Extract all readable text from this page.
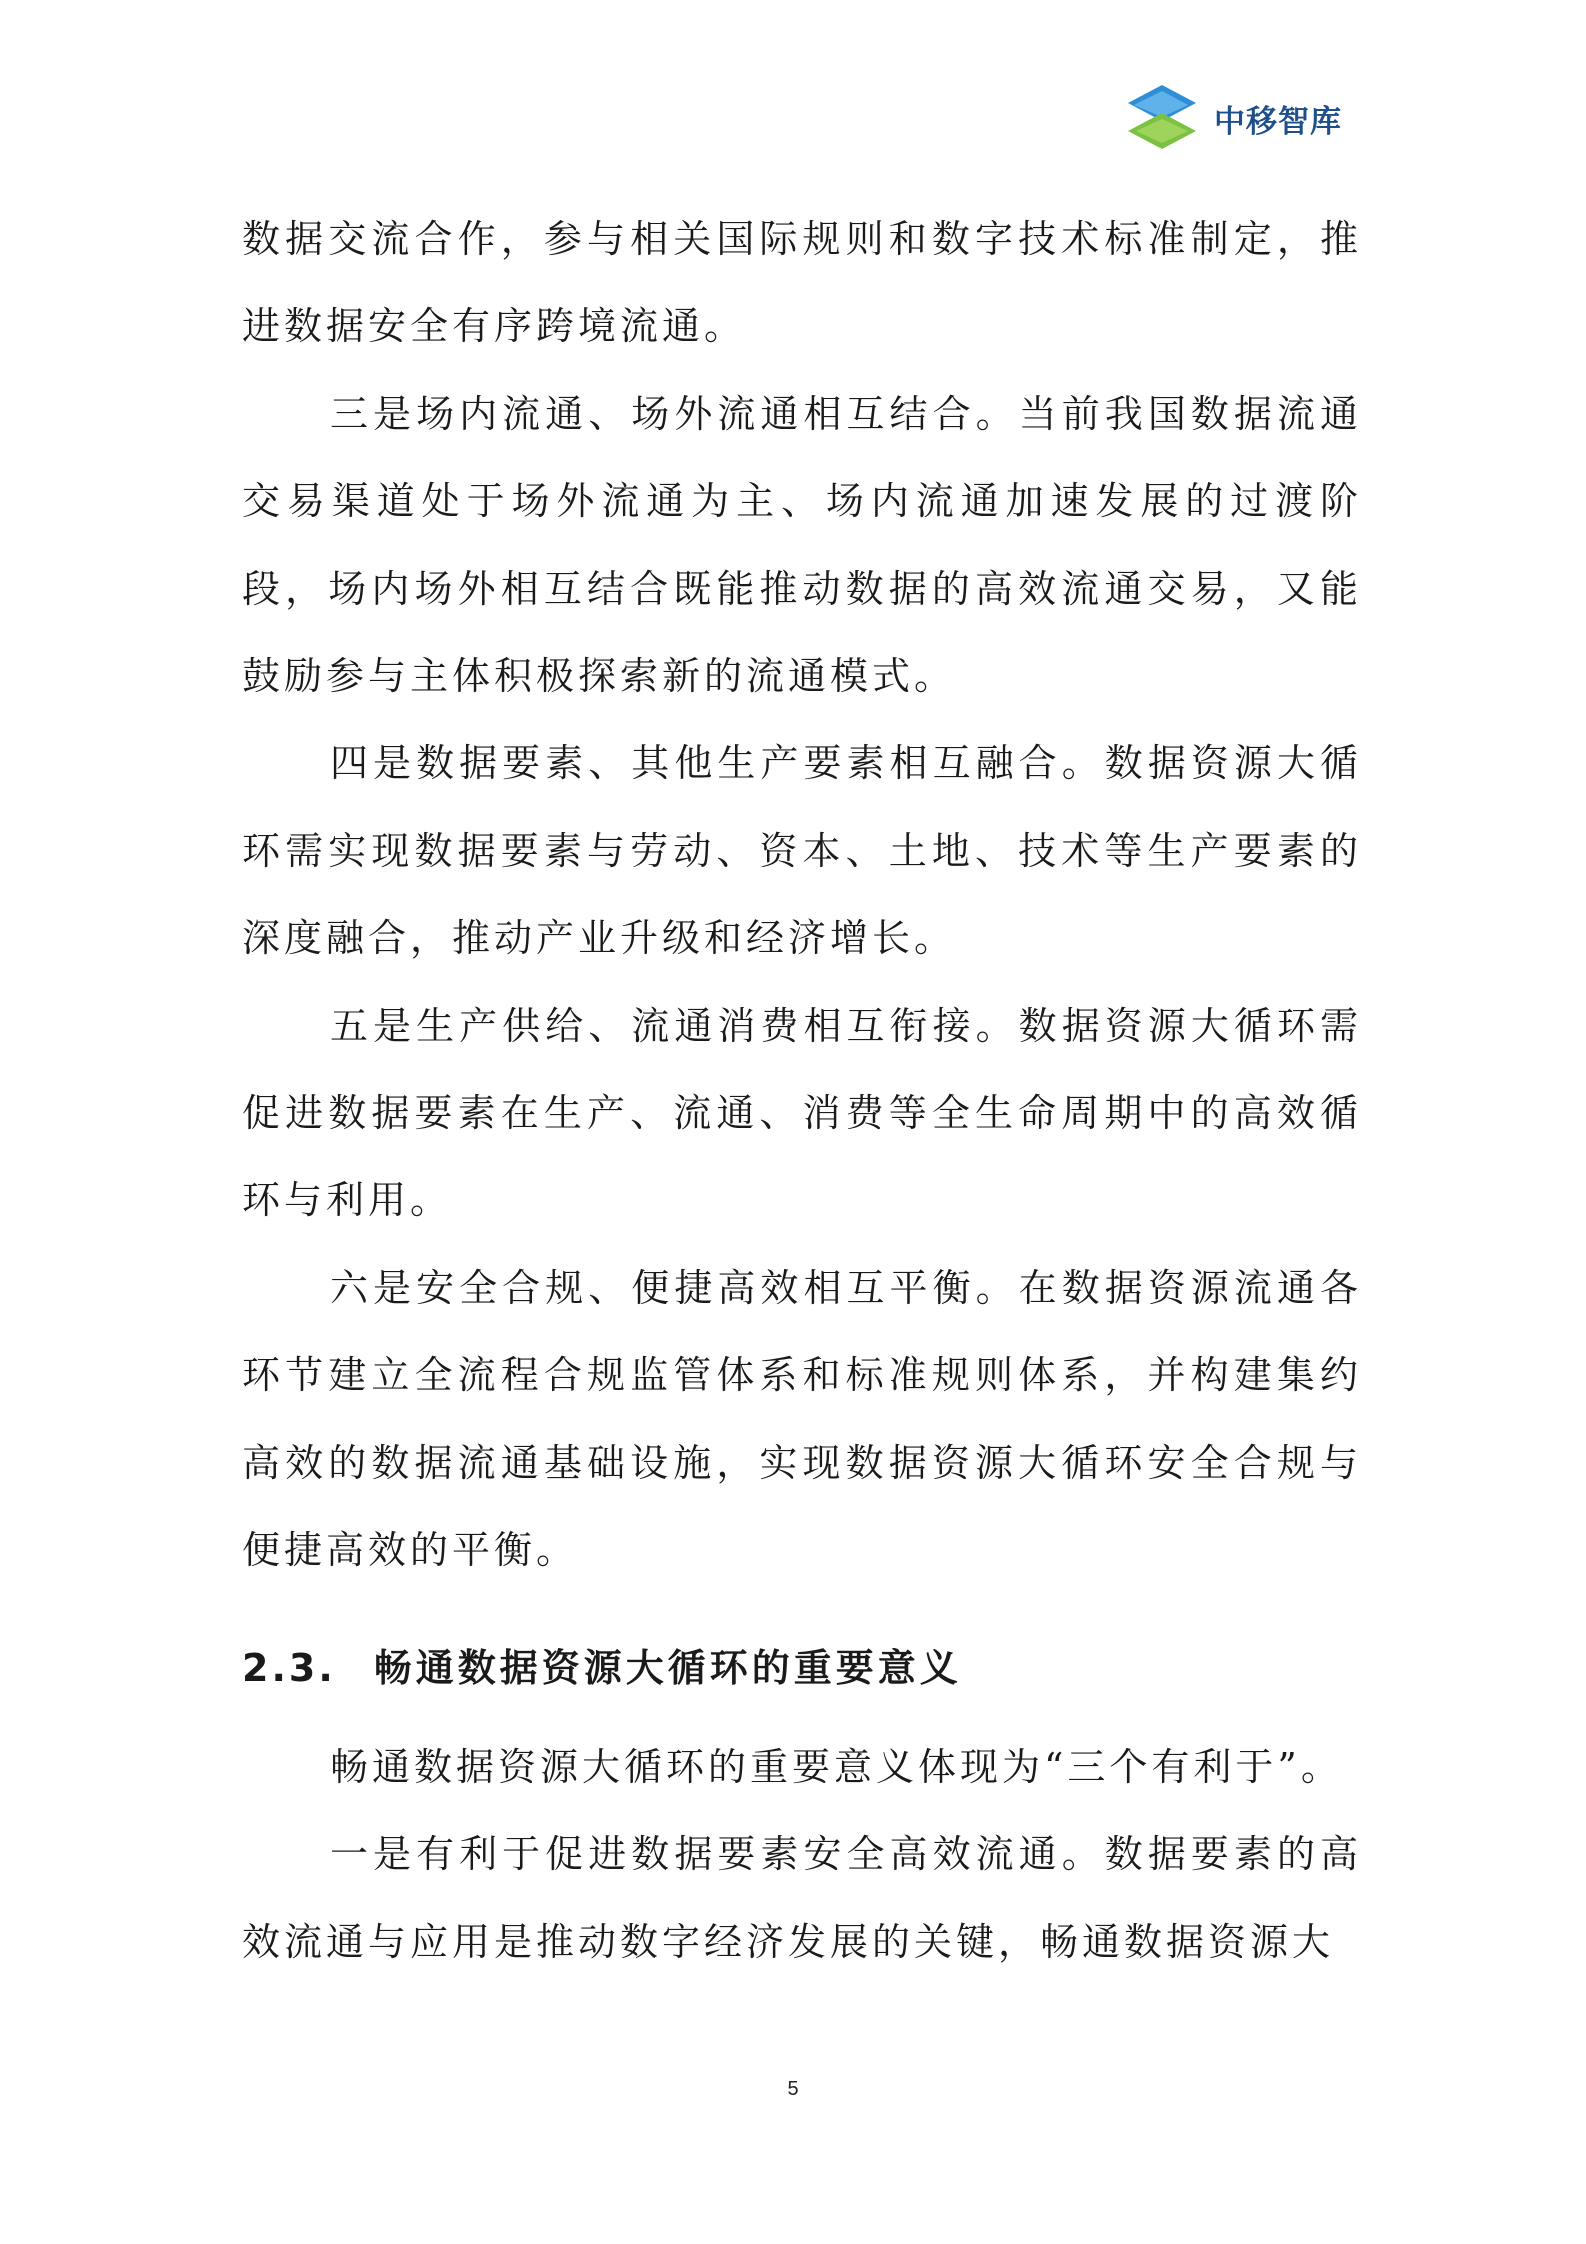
中移智库

数据交流合作，参与相关国际规则和数字技术标准制定，推进数据安全有序跨境流通。

三是场内流通、场外流通相互结合。当前我国数据流通交易渠道处于场外流通为主、场内流通加速发展的过渡阶段，场内场外相互结合既能推动数据的高效流通交易，又能鼓励参与主体积极探索新的流通模式。

四是数据要素、其他生产要素相互融合。数据资源大循环需实现数据要素与劳动、资本、土地、技术等生产要素的深度融合，推动产业升级和经济增长。

五是生产供给、流通消费相互衔接。数据资源大循环需促进数据要素在生产、流通、消费等全生命周期中的高效循环与利用。

六是安全合规、便捷高效相互平衡。在数据资源流通各环节建立全流程合规监管体系和标准规则体系，并构建集约高效的数据流通基础设施，实现数据资源大循环安全合规与便捷高效的平衡。

2.3. 畅通数据资源大循环的重要意义

畅通数据资源大循环的重要意义体现为“三个有利于”。

一是有利于促进数据要素安全高效流通。数据要素的高效流通与应用是推动数字经济发展的关键，畅通数据资源大

5
